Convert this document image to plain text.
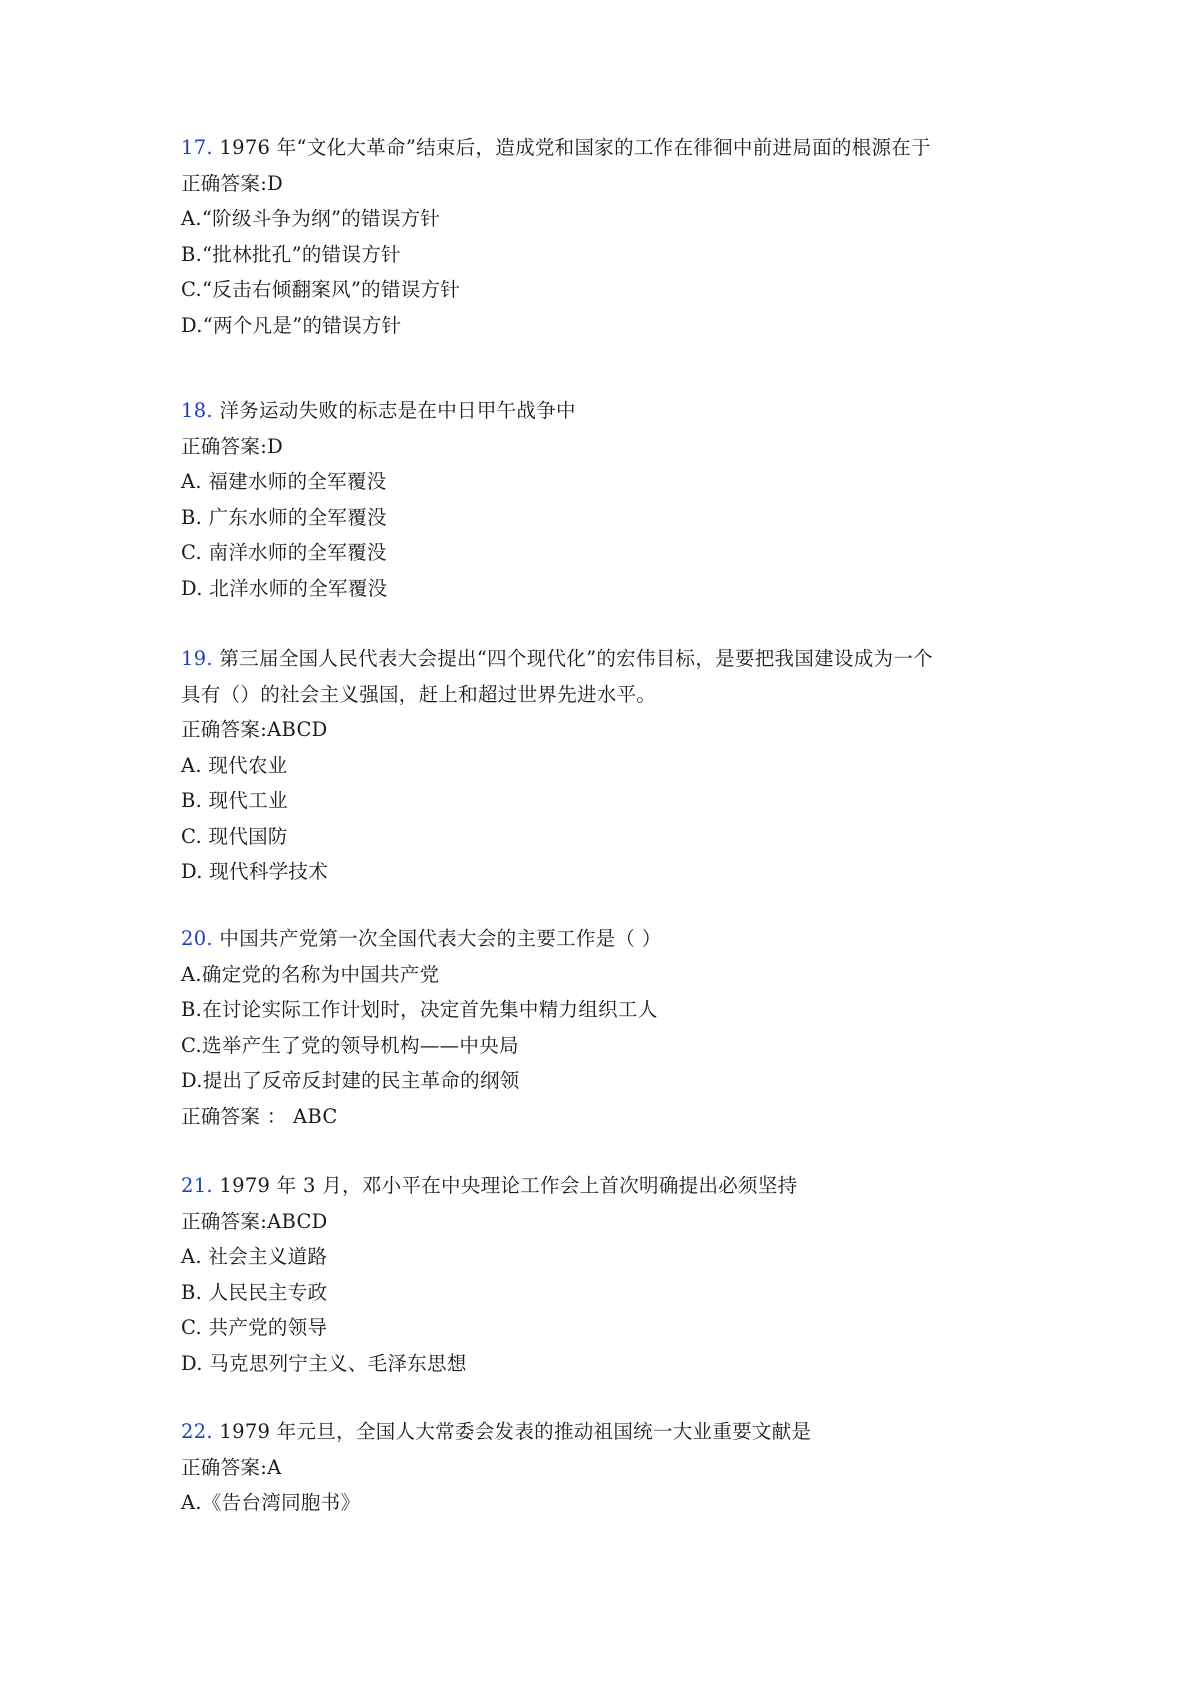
17. 1976 年“文化大革命”结束后，造成党和国家的工作在徘徊中前进局面的根源在于
正确答案:D
A.“阶级斗争为纲”的错误方针
B.“批林批孔”的错误方针
C.“反击右倾翻案风”的错误方针
D.“两个凡是”的错误方针
18. 洋务运动失败的标志是在中日甲午战争中
正确答案:D
A. 福建水师的全军覆没
B. 广东水师的全军覆没
C. 南洋水师的全军覆没
D. 北洋水师的全军覆没
19. 第三届全国人民代表大会提出“四个现代化”的宏伟目标，是要把我国建设成为一个
具有（）的社会主义强国，赶上和超过世界先进水平。
正确答案:ABCD
A. 现代农业
B. 现代工业
C. 现代国防
D. 现代科学技术
20. 中国共产党第一次全国代表大会的主要工作是（ ）
A.确定党的名称为中国共产党
B.在讨论实际工作计划时，决定首先集中精力组织工人
C.选举产生了党的领导机构——中央局
D.提出了反帝反封建的民主革命的纲领
正确答案 ： ABC
21. 1979 年 3 月，邓小平在中央理论工作会上首次明确提出必须坚持
正确答案:ABCD
A. 社会主义道路
B. 人民民主专政
C. 共产党的领导
D. 马克思列宁主义、毛泽东思想
22. 1979 年元旦，全国人大常委会发表的推动祖国统一大业重要文献是
正确答案:A
A.《告台湾同胞书》
